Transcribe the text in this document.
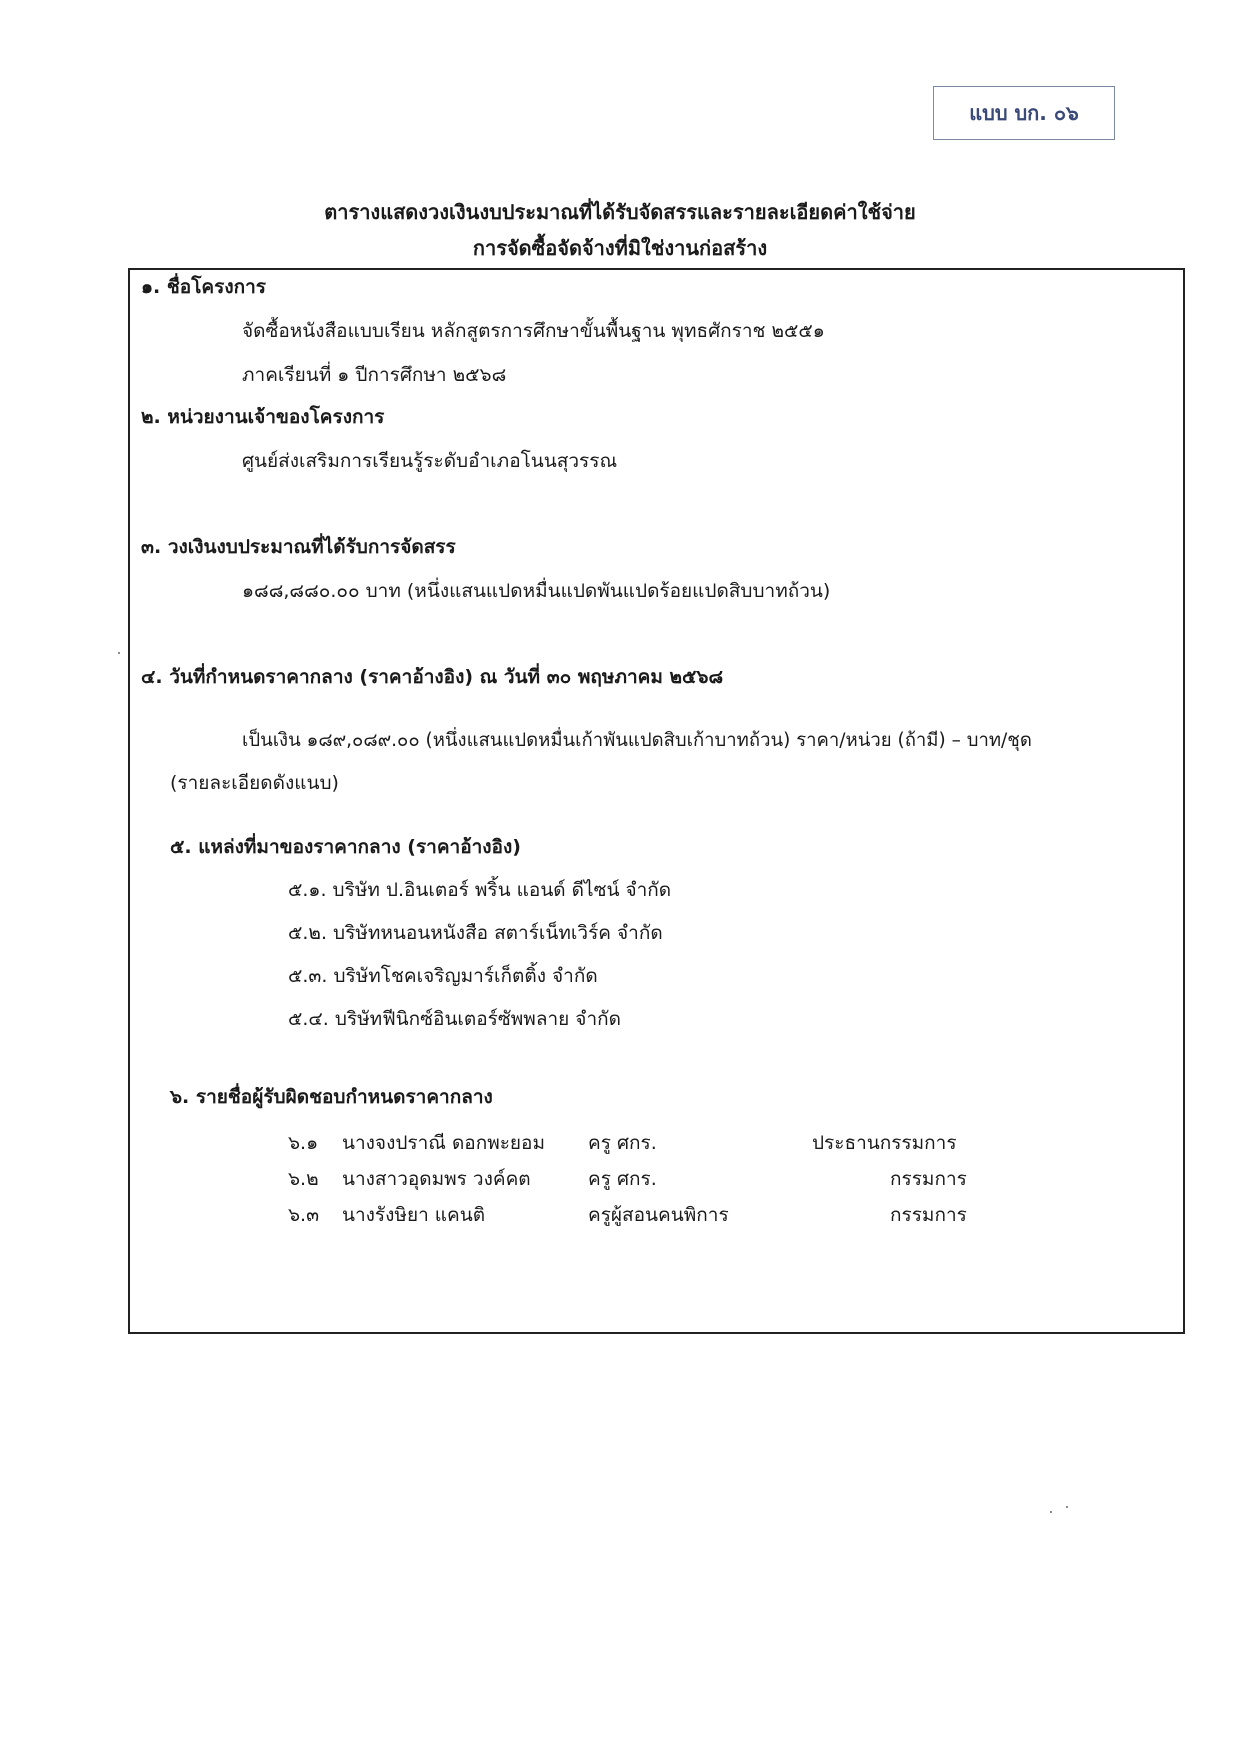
แบบ บก. ๐๖
ตารางแสดงวงเงินงบประมาณที่ได้รับจัดสรรและรายละเอียดค่าใช้จ่าย
การจัดซื้อจัดจ้างที่มิใช่งานก่อสร้าง
๑. ชื่อโครงการ
จัดซื้อหนังสือแบบเรียน หลักสูตรการศึกษาขั้นพื้นฐาน พุทธศักราช ๒๕๕๑
ภาคเรียนที่ ๑ ปีการศึกษา ๒๕๖๘
๒. หน่วยงานเจ้าของโครงการ
ศูนย์ส่งเสริมการเรียนรู้ระดับอำเภอโนนสุวรรณ
๓. วงเงินงบประมาณที่ได้รับการจัดสรร
๑๘๘,๘๘๐.๐๐ บาท (หนึ่งแสนแปดหมื่นแปดพันแปดร้อยแปดสิบบาทถ้วน)
๔. วันที่กำหนดราคากลาง (ราคาอ้างอิง) ณ วันที่ ๓๐ พฤษภาคม ๒๕๖๘
เป็นเงิน ๑๘๙,๐๘๙.๐๐ (หนึ่งแสนแปดหมื่นเก้าพันแปดสิบเก้าบาทถ้วน) ราคา/หน่วย (ถ้ามี) – บาท/ชุด
(รายละเอียดดังแนบ)
๕. แหล่งที่มาของราคากลาง (ราคาอ้างอิง)
๕.๑. บริษัท ป.อินเตอร์ พริ้น แอนด์ ดีไซน์ จำกัด
๕.๒. บริษัทหนอนหนังสือ สตาร์เน็ทเวิร์ค จำกัด
๕.๓. บริษัทโชคเจริญมาร์เก็ตติ้ง จำกัด
๕.๔. บริษัทฟีนิกซ์อินเตอร์ซัพพลาย จำกัด
๖. รายชื่อผู้รับผิดชอบกำหนดราคากลาง
๖.๑ นางจงปราณี ดอกพะยอม ครู ศกร.	ประธานกรรมการ
๖.๒ นางสาวอุดมพร วงค์คต	ครู ศกร.	กรรมการ
๖.๓ นางรังษิยา แคนติ	ครูผู้สอนคนพิการ	กรรมการ
